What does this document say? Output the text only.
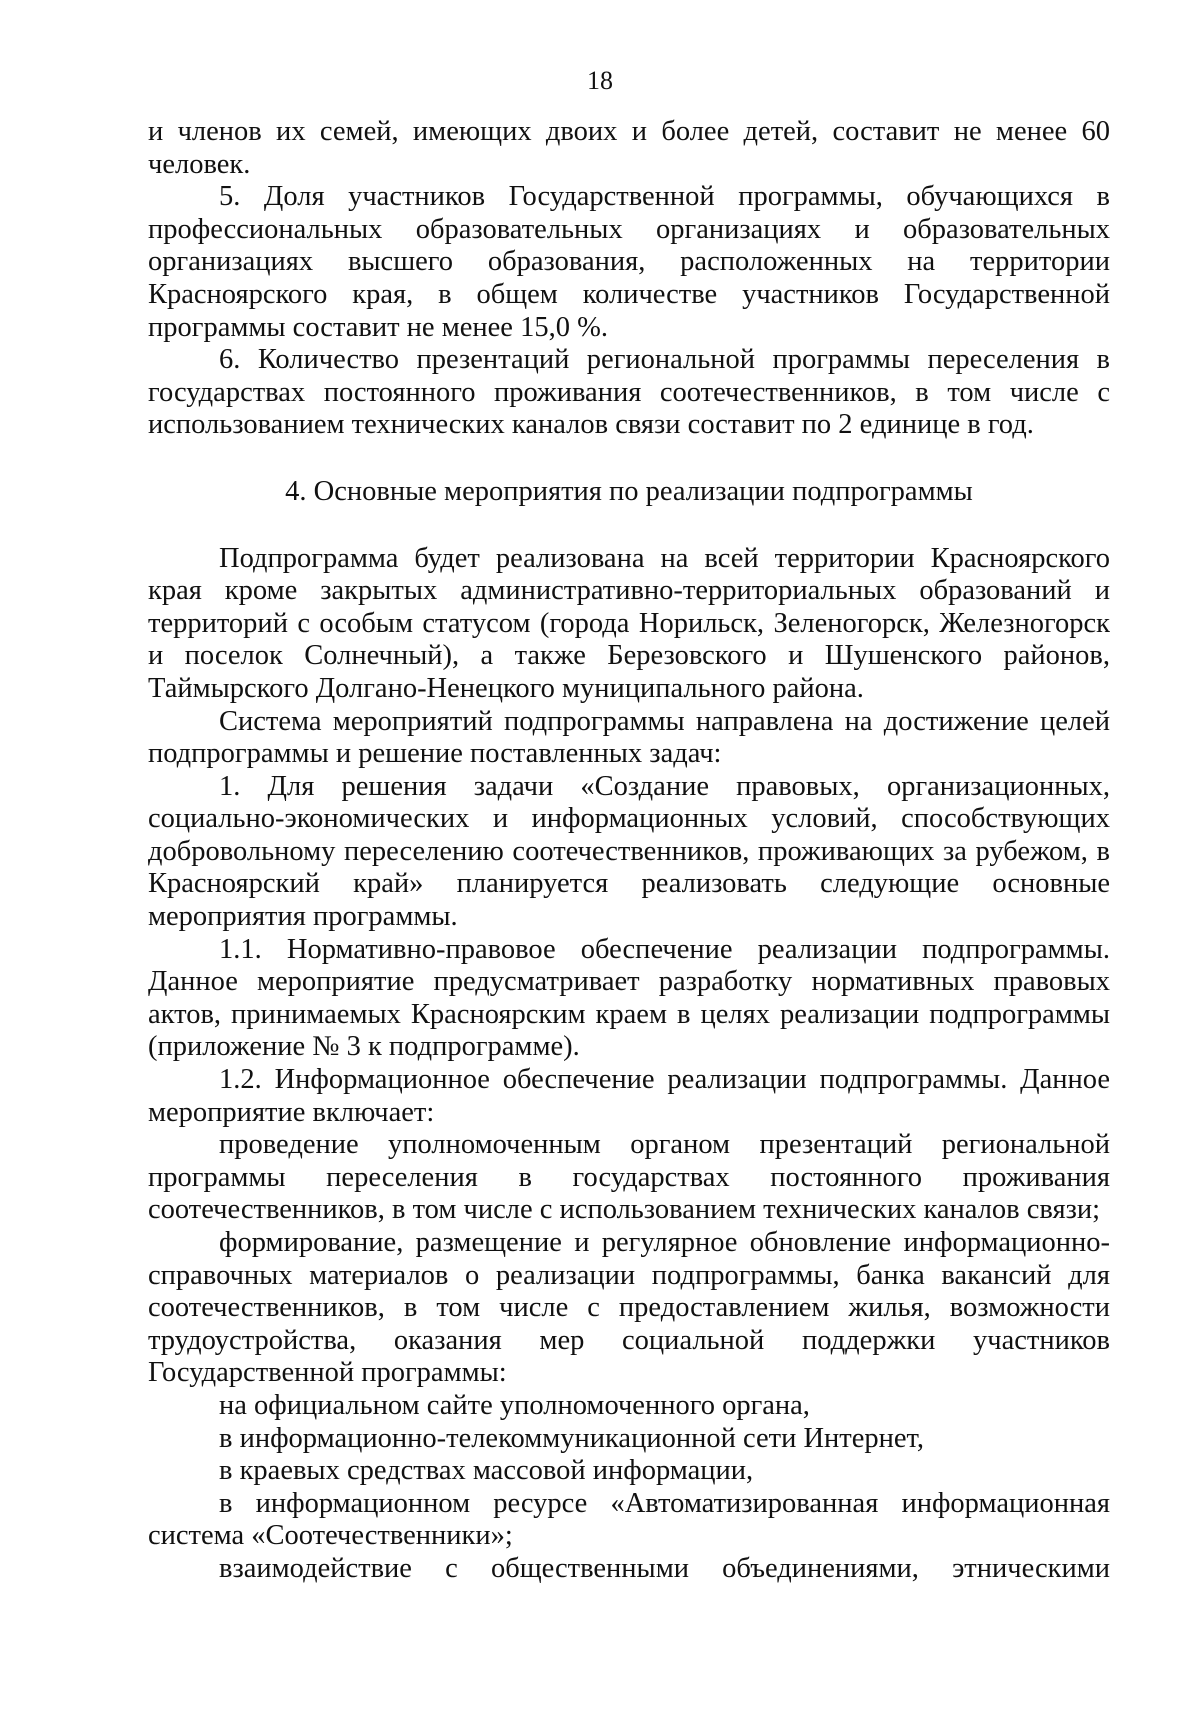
18

и членов их семей, имеющих двоих и более детей, составит не менее 60 человек.

5. Доля участников Государственной программы, обучающихся в профессиональных образовательных организациях и образовательных организациях высшего образования, расположенных на территории Красноярского края, в общем количестве участников Государственной программы составит не менее 15,0 %.

6. Количество презентаций региональной программы переселения в государствах постоянного проживания соотечественников, в том числе с использованием технических каналов связи составит по 2 единице в год.

4. Основные мероприятия по реализации подпрограммы

Подпрограмма будет реализована на всей территории Красноярского края кроме закрытых административно-территориальных образований и территорий с особым статусом (города Норильск, Зеленогорск, Железногорск и поселок Солнечный), а также Березовского и Шушенского районов, Таймырского Долгано-Ненецкого муниципального района.

Система мероприятий подпрограммы направлена на достижение целей подпрограммы и решение поставленных задач:

1. Для решения задачи «Создание правовых, организационных, социально-экономических и информационных условий, способствующих добровольному переселению соотечественников, проживающих за рубежом, в Красноярский край» планируется реализовать следующие основные мероприятия программы.

1.1. Нормативно-правовое обеспечение реализации подпрограммы. Данное мероприятие предусматривает разработку нормативных правовых актов, принимаемых Красноярским краем в целях реализации подпрограммы (приложение № 3 к подпрограмме).

1.2. Информационное обеспечение реализации подпрограммы. Данное мероприятие включает:

проведение уполномоченным органом презентаций региональной программы переселения в государствах постоянного проживания соотечественников, в том числе с использованием технических каналов связи;

формирование, размещение и регулярное обновление информационно-справочных материалов о реализации подпрограммы, банка вакансий для соотечественников, в том числе с предоставлением жилья, возможности трудоустройства, оказания мер социальной поддержки участников Государственной программы:

на официальном сайте уполномоченного органа,

в информационно-телекоммуникационной сети Интернет,

в краевых средствах массовой информации,

в информационном ресурсе «Автоматизированная информационная система «Соотечественники»;

взаимодействие с общественными объединениями, этническими
